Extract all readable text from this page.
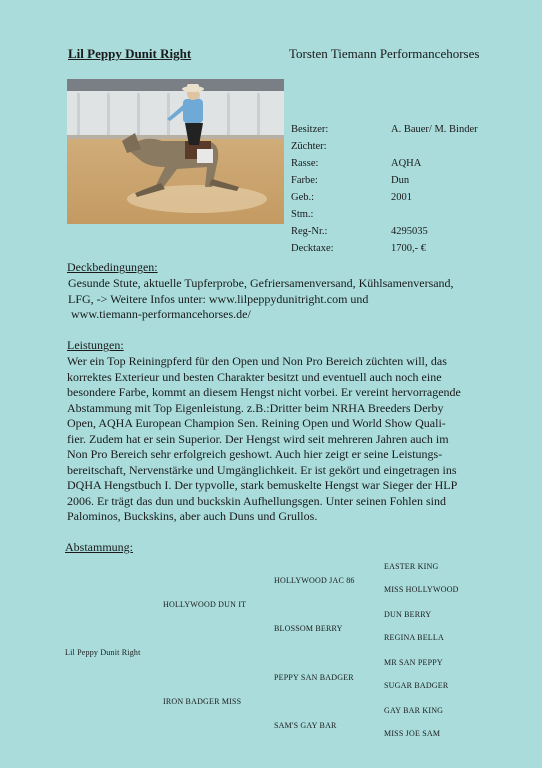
Lil Peppy Dunit Right	Torsten Tiemann Performancehorses
Besitzer:	A. Bauer/ M. Binder
Züchter:
Rasse:	AQHA
Farbe:	Dun
Geb.:	2001
Stm.:
Reg-Nr.:	4295035
Decktaxe:	1700,- €
Deckbedingungen:
Gesunde Stute, aktuelle Tupferprobe, Gefriersamenversand, Kühlsamenversand,
LFG, -> Weitere Infos unter: www.lilpeppydunitright.com und
www.tiemann-performancehorses.de/
Leistungen:
Wer ein Top Reiningpferd für den Open und Non Pro Bereich züchten will, das
korrektes Exterieur und besten Charakter besitzt und eventuell auch noch eine
besondere Farbe, kommt an diesem Hengst nicht vorbei. Er vereint hervorragende
Abstammung mit Top Eigenleistung. z.B.:Dritter beim NRHA Breeders Derby
Open, AQHA European Champion Sen. Reining Open und World Show Quali-
fier. Zudem hat er sein Superior. Der Hengst wird seit mehreren Jahren auch im
Non Pro Bereich sehr erfolgreich geshowt. Auch hier zeigt er seine Leistungs-
bereitschaft, Nervenstärke und Umgänglichkeit. Er ist gekört und eingetragen ins
DQHA Hengstbuch I. Der typvolle, stark bemuskelte Hengst war Sieger der HLP
2006. Er trägt das dun und buckskin Aufhellungsgen. Unter seinen Fohlen sind
Palominos, Buckskins, aber auch Duns und Grullos.
Abstammung:
Lil Peppy Dunit Right
HOLLYWOOD DUN IT
IRON BADGER MISS
HOLLYWOOD JAC 86
BLOSSOM BERRY
PEPPY SAN BADGER
SAM'S GAY BAR
EASTER KING
MISS HOLLYWOOD
DUN BERRY
REGINA BELLA
MR SAN PEPPY
SUGAR BADGER
GAY BAR KING
MISS JOE SAM
